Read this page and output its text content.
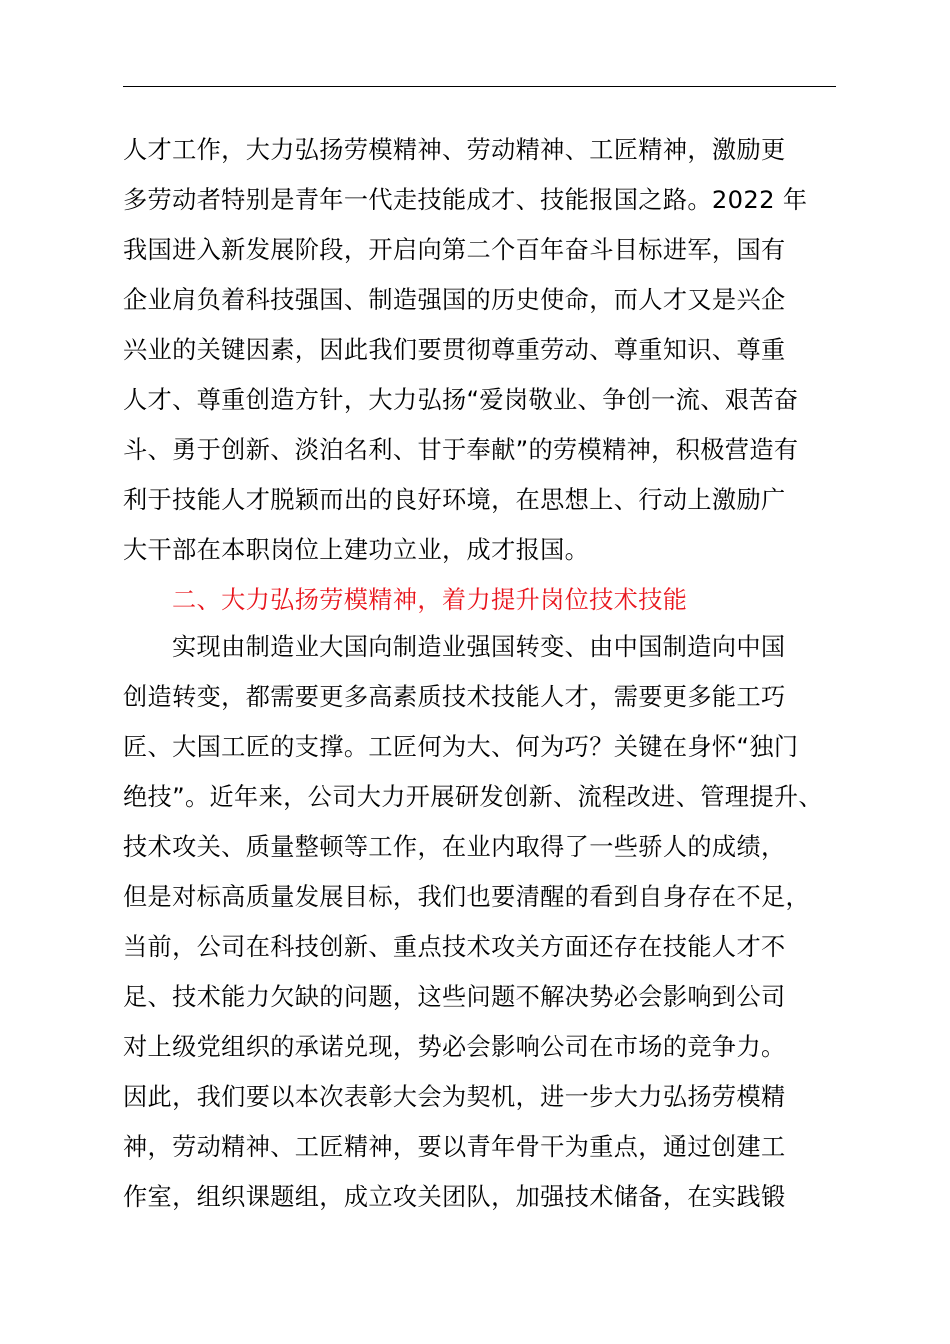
人才工作，大力弘扬劳模精神、劳动精神、工匠精神，激励更
多劳动者特别是青年一代走技能成才、技能报国之路。2022 年
我国进入新发展阶段，开启向第二个百年奋斗目标进军，国有
企业肩负着科技强国、制造强国的历史使命，而人才又是兴企
兴业的关键因素，因此我们要贯彻尊重劳动、尊重知识、尊重
人才、尊重创造方针，大力弘扬“爱岗敬业、争创一流、艰苦奋
斗、勇于创新、淡泊名利、甘于奉献”的劳模精神，积极营造有
利于技能人才脱颖而出的良好环境，在思想上、行动上激励广
大干部在本职岗位上建功立业，成才报国。
二、大力弘扬劳模精神，着力提升岗位技术技能
实现由制造业大国向制造业强国转变、由中国制造向中国
创造转变，都需要更多高素质技术技能人才，需要更多能工巧
匠、大国工匠的支撑。工匠何为大、何为巧？关键在身怀“独门
绝技”。近年来，公司大力开展研发创新、流程改进、管理提升、
技术攻关、质量整顿等工作，在业内取得了一些骄人的成绩，
但是对标高质量发展目标，我们也要清醒的看到自身存在不足，
当前，公司在科技创新、重点技术攻关方面还存在技能人才不
足、技术能力欠缺的问题，这些问题不解决势必会影响到公司
对上级党组织的承诺兑现，势必会影响公司在市场的竞争力。
因此，我们要以本次表彰大会为契机，进一步大力弘扬劳模精
神，劳动精神、工匠精神，要以青年骨干为重点，通过创建工
作室，组织课题组，成立攻关团队，加强技术储备，在实践锻
